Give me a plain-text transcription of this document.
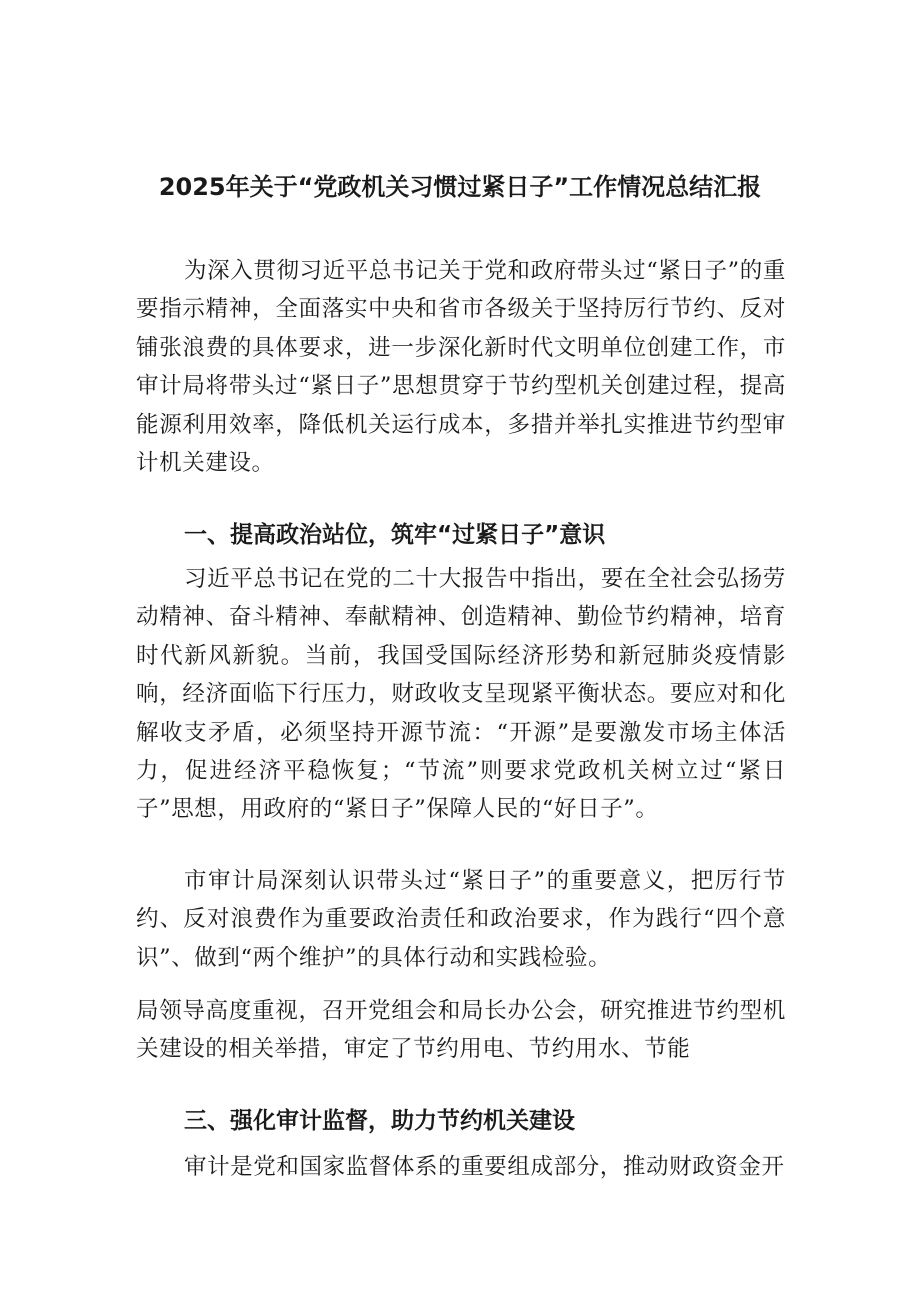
2025年关于“党政机关习惯过紧日子”工作情况总结汇报

为深入贯彻习近平总书记关于党和政府带头过“紧日子”的重要指示精神，全面落实中央和省市各级关于坚持厉行节约、反对铺张浪费的具体要求，进一步深化新时代文明单位创建工作，市审计局将带头过“紧日子”思想贯穿于节约型机关创建过程，提高能源利用效率，降低机关运行成本，多措并举扎实推进节约型审计机关建设。

一、提高政治站位，筑牢“过紧日子”意识

习近平总书记在党的二十大报告中指出，要在全社会弘扬劳动精神、奋斗精神、奉献精神、创造精神、勤俭节约精神，培育时代新风新貌。当前，我国受国际经济形势和新冠肺炎疫情影响，经济面临下行压力，财政收支呈现紧平衡状态。要应对和化解收支矛盾，必须坚持开源节流：“开源”是要激发市场主体活力，促进经济平稳恢复；“节流”则要求党政机关树立过“紧日子”思想，用政府的“紧日子”保障人民的“好日子”。

市审计局深刻认识带头过“紧日子”的重要意义，把厉行节约、反对浪费作为重要政治责任和政治要求，作为践行“四个意识”、做到“两个维护”的具体行动和实践检验。

局领导高度重视，召开党组会和局长办公会，研究推进节约型机关建设的相关举措，审定了节约用电、节约用水、节能

三、强化审计监督，助力节约机关建设

审计是党和国家监督体系的重要组成部分，推动财政资金开
